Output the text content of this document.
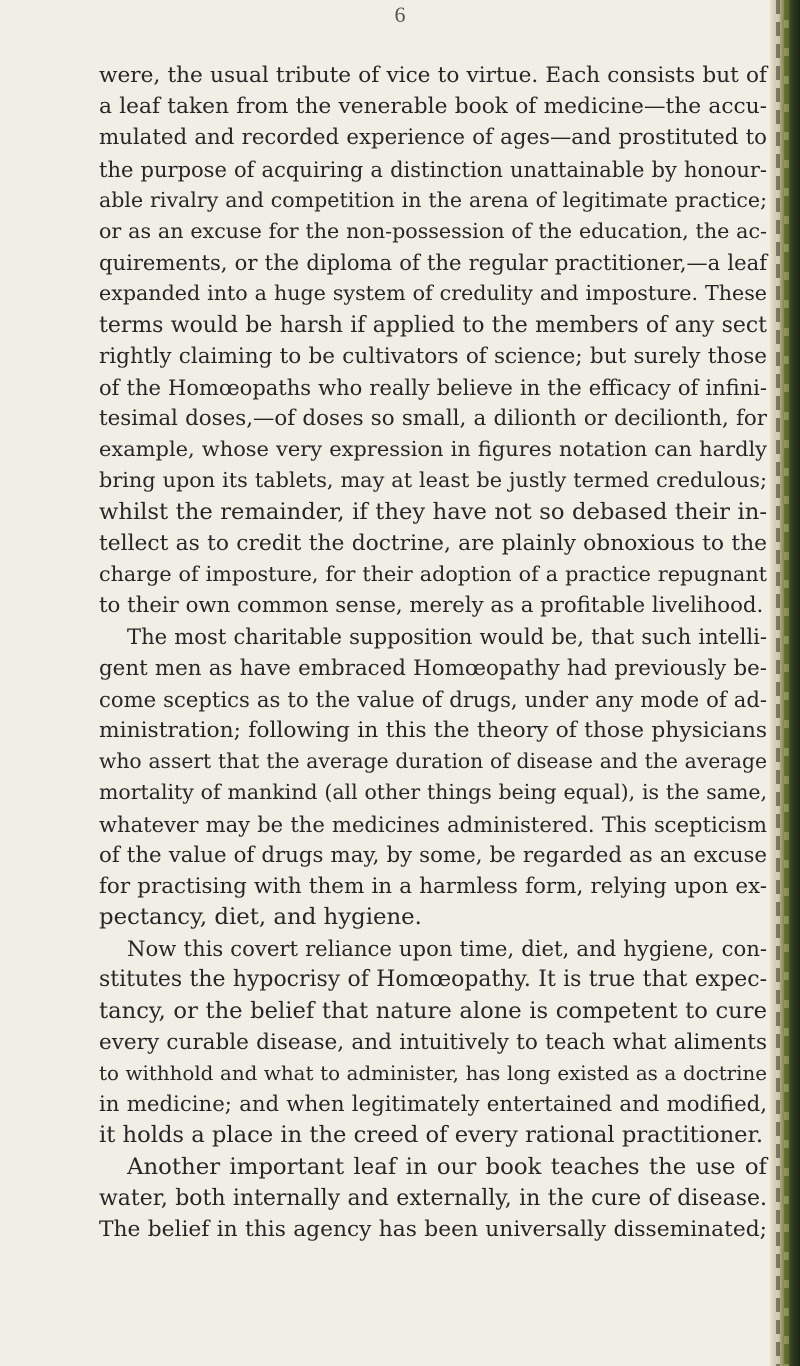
6
were, the usual tribute of vice to virtue. Each consists but of
a leaf taken from the venerable book of medicine—the accu-
mulated and recorded experience of ages—and prostituted to
the purpose of acquiring a distinction unattainable by honour-
able rivalry and competition in the arena of legitimate practice;
or as an excuse for the non-possession of the education, the ac-
quirements, or the diploma of the regular practitioner,—a leaf
expanded into a huge system of credulity and imposture. These
terms would be harsh if applied to the members of any sect
rightly claiming to be cultivators of science; but surely those
of the Homœopaths who really believe in the efficacy of infini-
tesimal doses,—of doses so small, a dilionth or decilionth, for
example, whose very expression in figures notation can hardly
bring upon its tablets, may at least be justly termed credulous;
whilst the remainder, if they have not so debased their in-
tellect as to credit the doctrine, are plainly obnoxious to the
charge of imposture, for their adoption of a practice repugnant
to their own common sense, merely as a profitable livelihood.
The most charitable supposition would be, that such intelli-
gent men as have embraced Homœopathy had previously be-
come sceptics as to the value of drugs, under any mode of ad-
ministration; following in this the theory of those physicians
who assert that the average duration of disease and the average
mortality of mankind (all other things being equal), is the same,
whatever may be the medicines administered. This scepticism
of the value of drugs may, by some, be regarded as an excuse
for practising with them in a harmless form, relying upon ex-
pectancy, diet, and hygiene.
Now this covert reliance upon time, diet, and hygiene, con-
stitutes the hypocrisy of Homœopathy. It is true that expec-
tancy, or the belief that nature alone is competent to cure
every curable disease, and intuitively to teach what aliments
to withhold and what to administer, has long existed as a doctrine
in medicine; and when legitimately entertained and modified,
it holds a place in the creed of every rational practitioner.
Another important leaf in our book teaches the use of
water, both internally and externally, in the cure of disease.
The belief in this agency has been universally disseminated;
